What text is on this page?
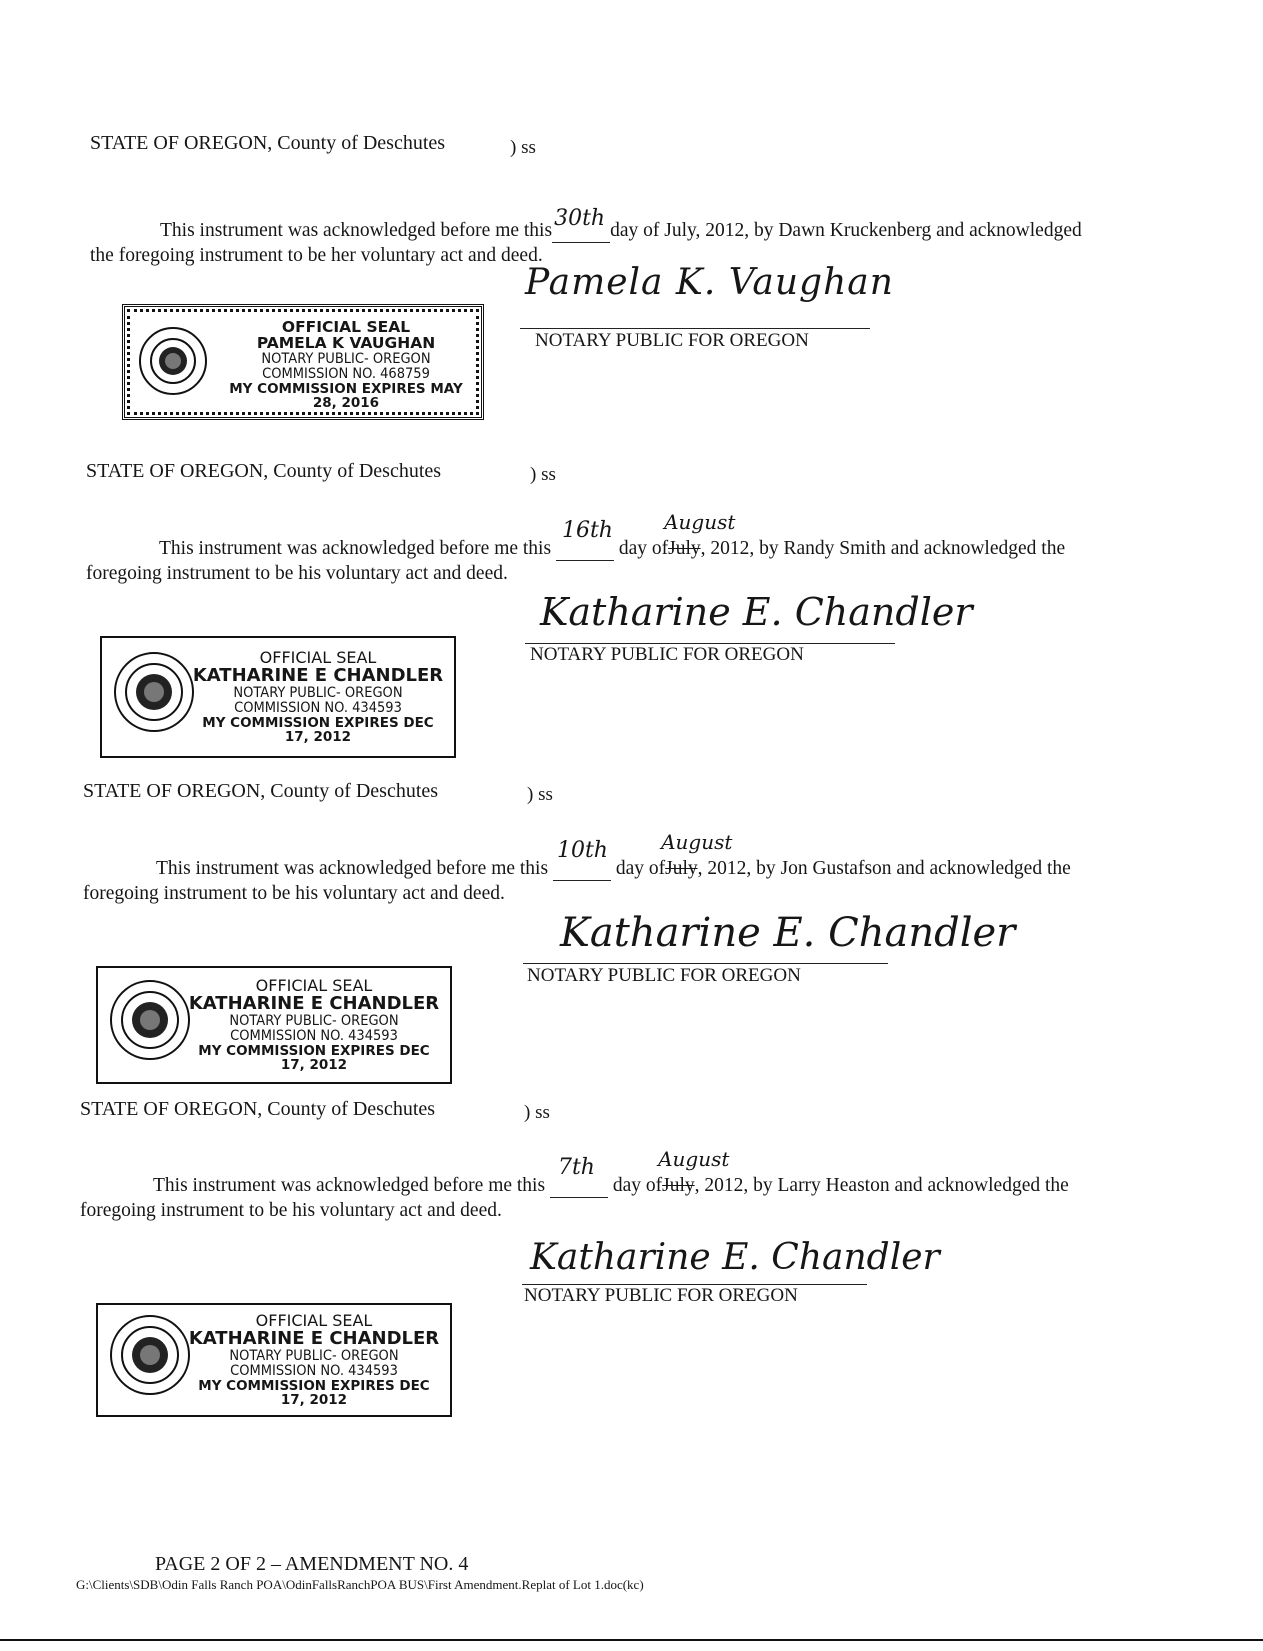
STATE OF OREGON, County of Deschutes	) ss
This instrument was acknowledged before me this 30th day of July, 2012, by Dawn Kruckenberg and acknowledged
the foregoing instrument to be her voluntary act and deed.
Pamela K. Vaughan
NOTARY PUBLIC FOR OREGON
OFFICIAL SEAL
PAMELA K VAUGHAN
NOTARY PUBLIC- OREGON
COMMISSION NO. 468759
MY COMMISSION EXPIRES MAY 28, 2016
STATE OF OREGON, County of Deschutes	) ss
This instrument was acknowledged before me this
16th
day ofJuly
August
, 2012, by Randy Smith and acknowledged the
foregoing instrument to be his voluntary act and deed.
Katharine E. Chandler
NOTARY PUBLIC FOR OREGON
OFFICIAL SEAL
KATHARINE E CHANDLER
NOTARY PUBLIC- OREGON
COMMISSION NO. 434593
MY COMMISSION EXPIRES DEC 17, 2012
STATE OF OREGON, County of Deschutes	) ss
This instrument was acknowledged before me this
10th
day ofJuly
August
, 2012, by Jon Gustafson and acknowledged the
foregoing instrument to be his voluntary act and deed.
Katharine E. Chandler
NOTARY PUBLIC FOR OREGON
OFFICIAL SEAL
KATHARINE E CHANDLER
NOTARY PUBLIC- OREGON
COMMISSION NO. 434593
MY COMMISSION EXPIRES DEC 17, 2012
STATE OF OREGON, County of Deschutes	) ss
This instrument was acknowledged before me this
7th
day ofJuly
August
, 2012, by Larry Heaston and acknowledged the
foregoing instrument to be his voluntary act and deed.
Katharine E. Chandler
NOTARY PUBLIC FOR OREGON
OFFICIAL SEAL
KATHARINE E CHANDLER
NOTARY PUBLIC- OREGON
COMMISSION NO. 434593
MY COMMISSION EXPIRES DEC 17, 2012
PAGE 2 OF 2 – AMENDMENT NO. 4
G:\Clients\SDB\Odin Falls Ranch POA\OdinFallsRanchPOA BUS\First Amendment.Replat of Lot 1.doc(kc)
